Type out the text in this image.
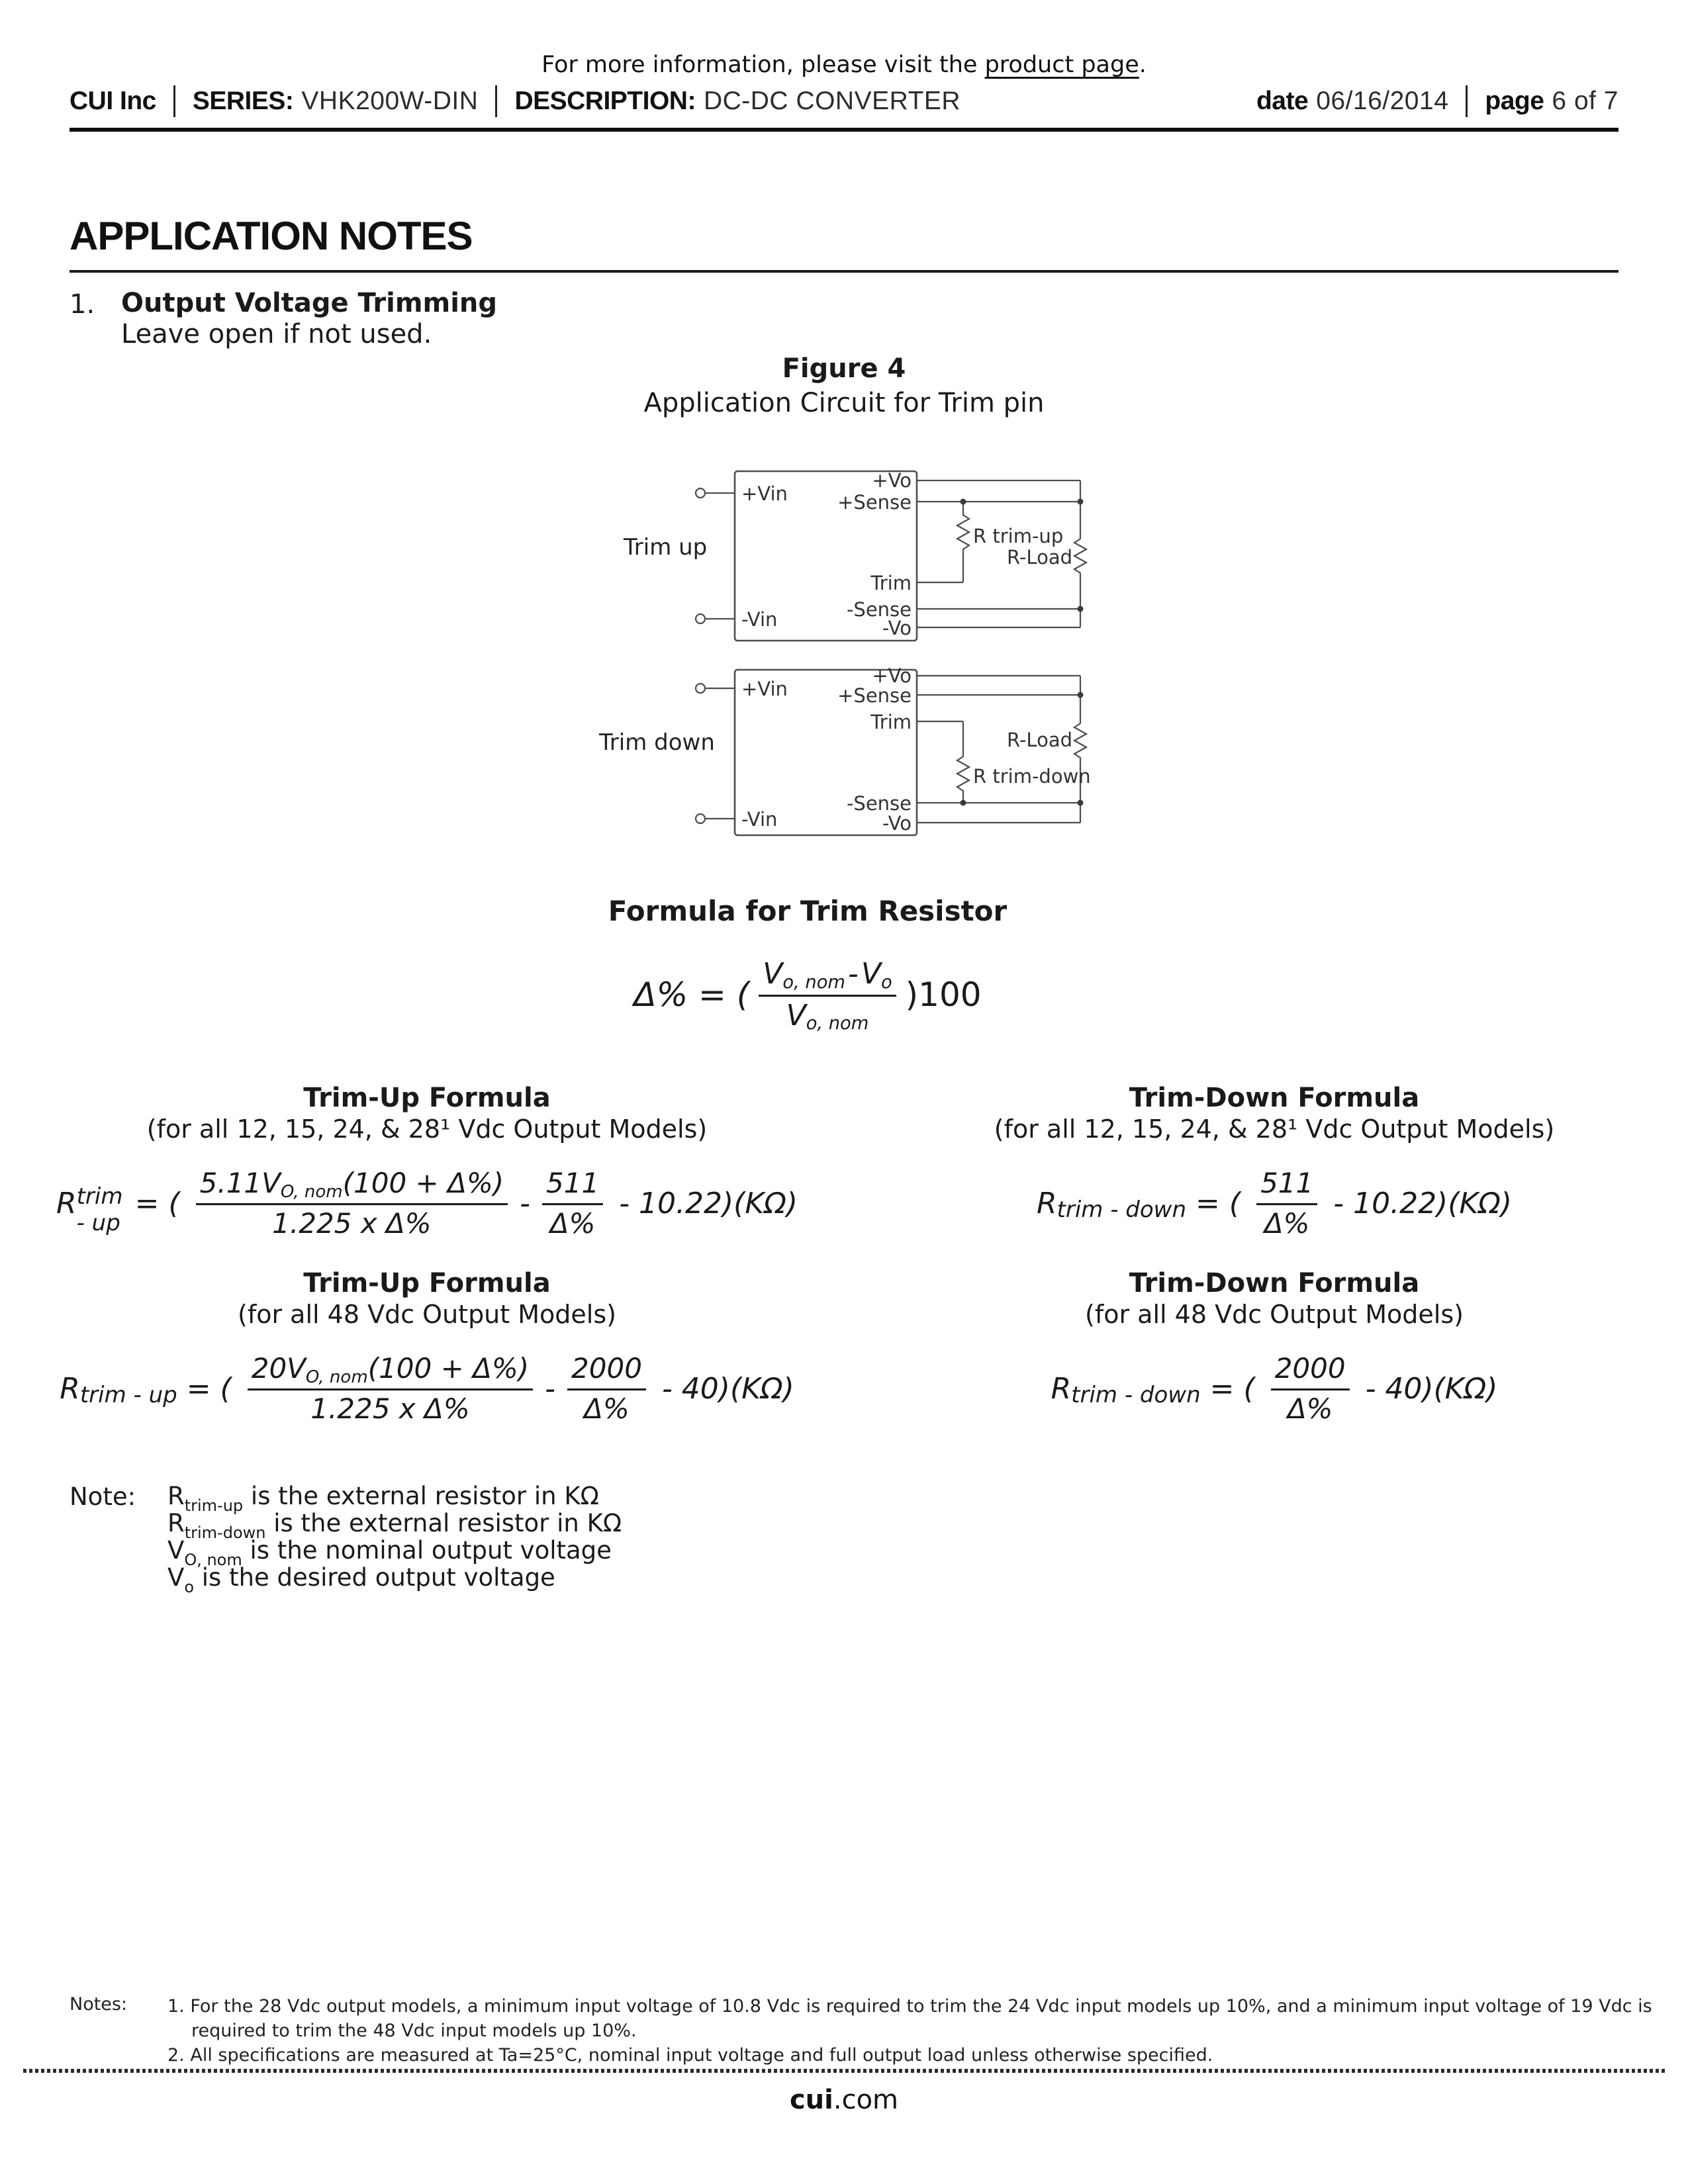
For more information, please visit the product page.
CUI Inc SERIES: VHK200W-DIN DESCRIPTION: DC-DC CONVERTER	date 06/16/2014 page 6 of 7
APPLICATION NOTES
1. Output Voltage Trimming
Leave open if not used.
Figure 4
Application Circuit for Trim pin
Trim up
+Vin
-Vin
+Vo
+Sense
Trim
-Sense
-Vo
R trim-up
R-Load
Trim down
+Vin
-Vin
+Vo
+Sense
Trim
-Sense
-Vo
R trim-down
R-Load
Formula for Trim Resistor
Δ% = ( $\frac{\text{Vo, nom-Vo}}{\text{Vo, nom}} )100$
Trim-Up Formula
(for all 12, 15, 24, & 28¹ Vdc Output Models)
Trim-Down Formula
(for all 12, 15, 24, & 28¹ Vdc Output Models)
R trim - up
= ( $\frac{\text{5.11VO, nom(100 + Δ\%)}}{\text{1.225 x Δ\%}} - \frac{511}{\Delta\%} - 10.22)(K\Omega)$	R trim - down = ( $\frac{511}{\Delta\%} - 10.22)(K\Omega)$
Trim-Up Formula
(for all 48 Vdc Output Models)
Trim-Down Formula
(for all 48 Vdc Output Models)
R trim - up = ( $\frac{\text{20VO, nom(100 + Δ\%)}}{\text{1.225 x Δ\%}} - \frac{2000}{\Delta\%} - 40)(K\Omega)$	R trim - down = ( $\frac{2000}{\Delta\%} - 40)(K\Omega)$
Note: $R_{trim-up}$ is the external resistor in KΩ
$R_{trim-down}$ is the external resistor in KΩ
$V_{O, nom}$ is the nominal output voltage
$V_o$ is the desired output voltage
Notes: 1. For the 28 Vdc output models, a minimum input voltage of 10.8 Vdc is required to trim the 24 Vdc input models up 10%, and a minimum input voltage of 19 Vdc is
required to trim the 48 Vdc input models up 10%.
2. All specifications are measured at Ta=25°C, nominal input voltage and full output load unless otherwise specified.
cui.com
